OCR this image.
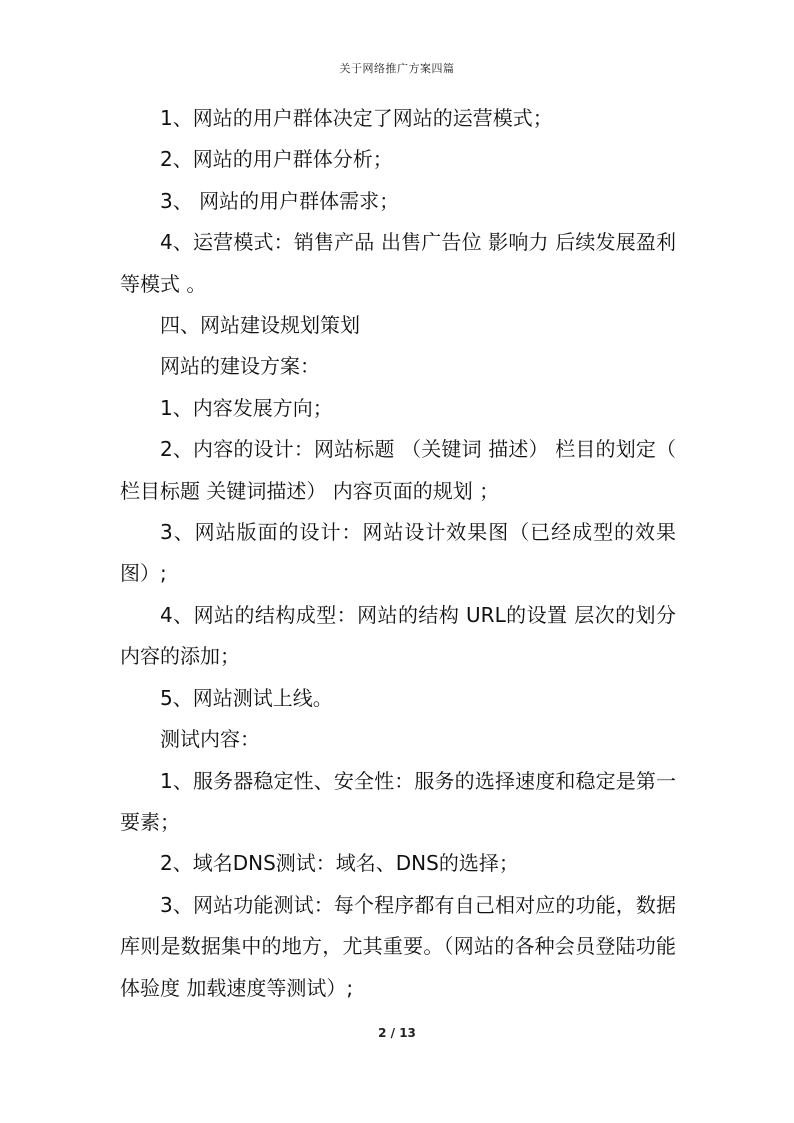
关于网络推广方案四篇

1、网站的用户群体决定了网站的运营模式；

2、网站的用户群体分析；

3、 网站的用户群体需求；

4、运营模式：销售产品 出售广告位 影响力 后续发展盈利等模式 。

四、网站建设规划策划

网站的建设方案：

1、内容发展方向；

2、内容的设计：网站标题 （关键词 描述） 栏目的划定（ 栏目标题 关键词描述） 内容页面的规划 ；

3、网站版面的设计：网站设计效果图（已经成型的效果图）;

4、网站的结构成型：网站的结构 URL的设置 层次的划分 内容的添加；

5、网站测试上线。

测试内容：

1、服务器稳定性、安全性：服务的选择速度和稳定是第一要素；

2、域名DNS测试：域名、DNS的选择；

3、网站功能测试：每个程序都有自己相对应的功能，数据库则是数据集中的地方，尤其重要。（网站的各种会员登陆功能 体验度 加载速度等测试）;

2 / 13
